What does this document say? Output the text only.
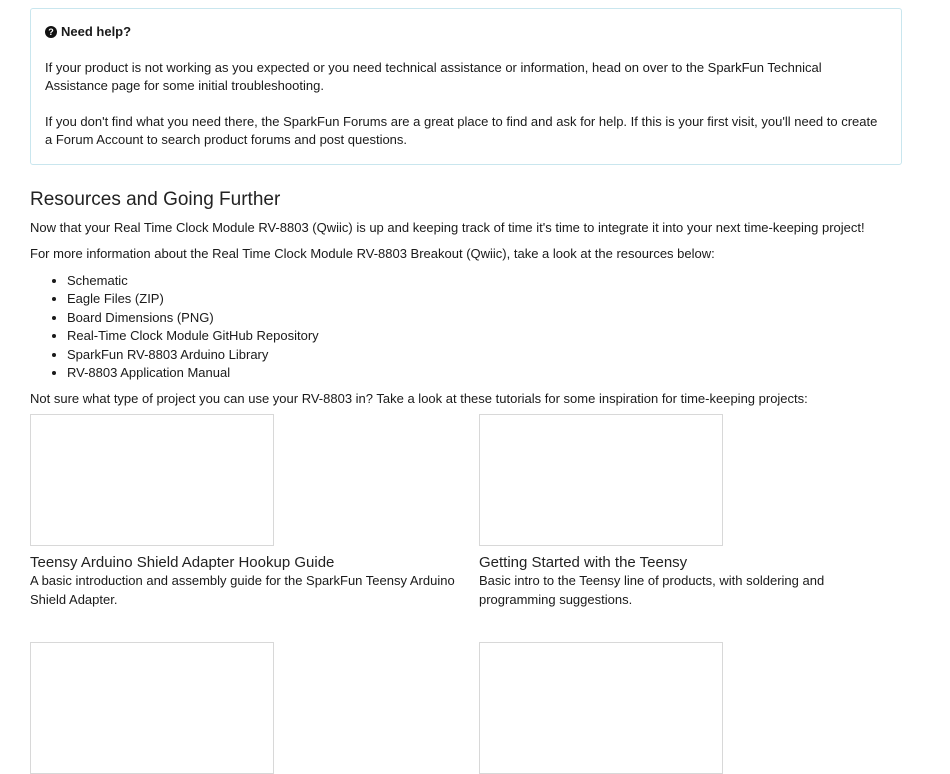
? Need help?

If your product is not working as you expected or you need technical assistance or information, head on over to the SparkFun Technical Assistance page for some initial troubleshooting.

If you don't find what you need there, the SparkFun Forums are a great place to find and ask for help. If this is your first visit, you'll need to create a Forum Account to search product forums and post questions.

Resources and Going Further

Now that your Real Time Clock Module RV-8803 (Qwiic) is up and keeping track of time it's time to integrate it into your next time-keeping project!

For more information about the Real Time Clock Module RV-8803 Breakout (Qwiic), take a look at the resources below:

• Schematic
• Eagle Files (ZIP)
• Board Dimensions (PNG)
• Real-Time Clock Module GitHub Repository
• SparkFun RV-8803 Arduino Library
• RV-8803 Application Manual

Not sure what type of project you can use your RV-8803 in? Take a look at these tutorials for some inspiration for time-keeping projects:

Teensy Arduino Shield Adapter Hookup Guide
A basic introduction and assembly guide for the SparkFun Teensy Arduino Shield Adapter.
Getting Started with the Teensy
Basic intro to the Teensy line of products, with soldering and programming suggestions.
